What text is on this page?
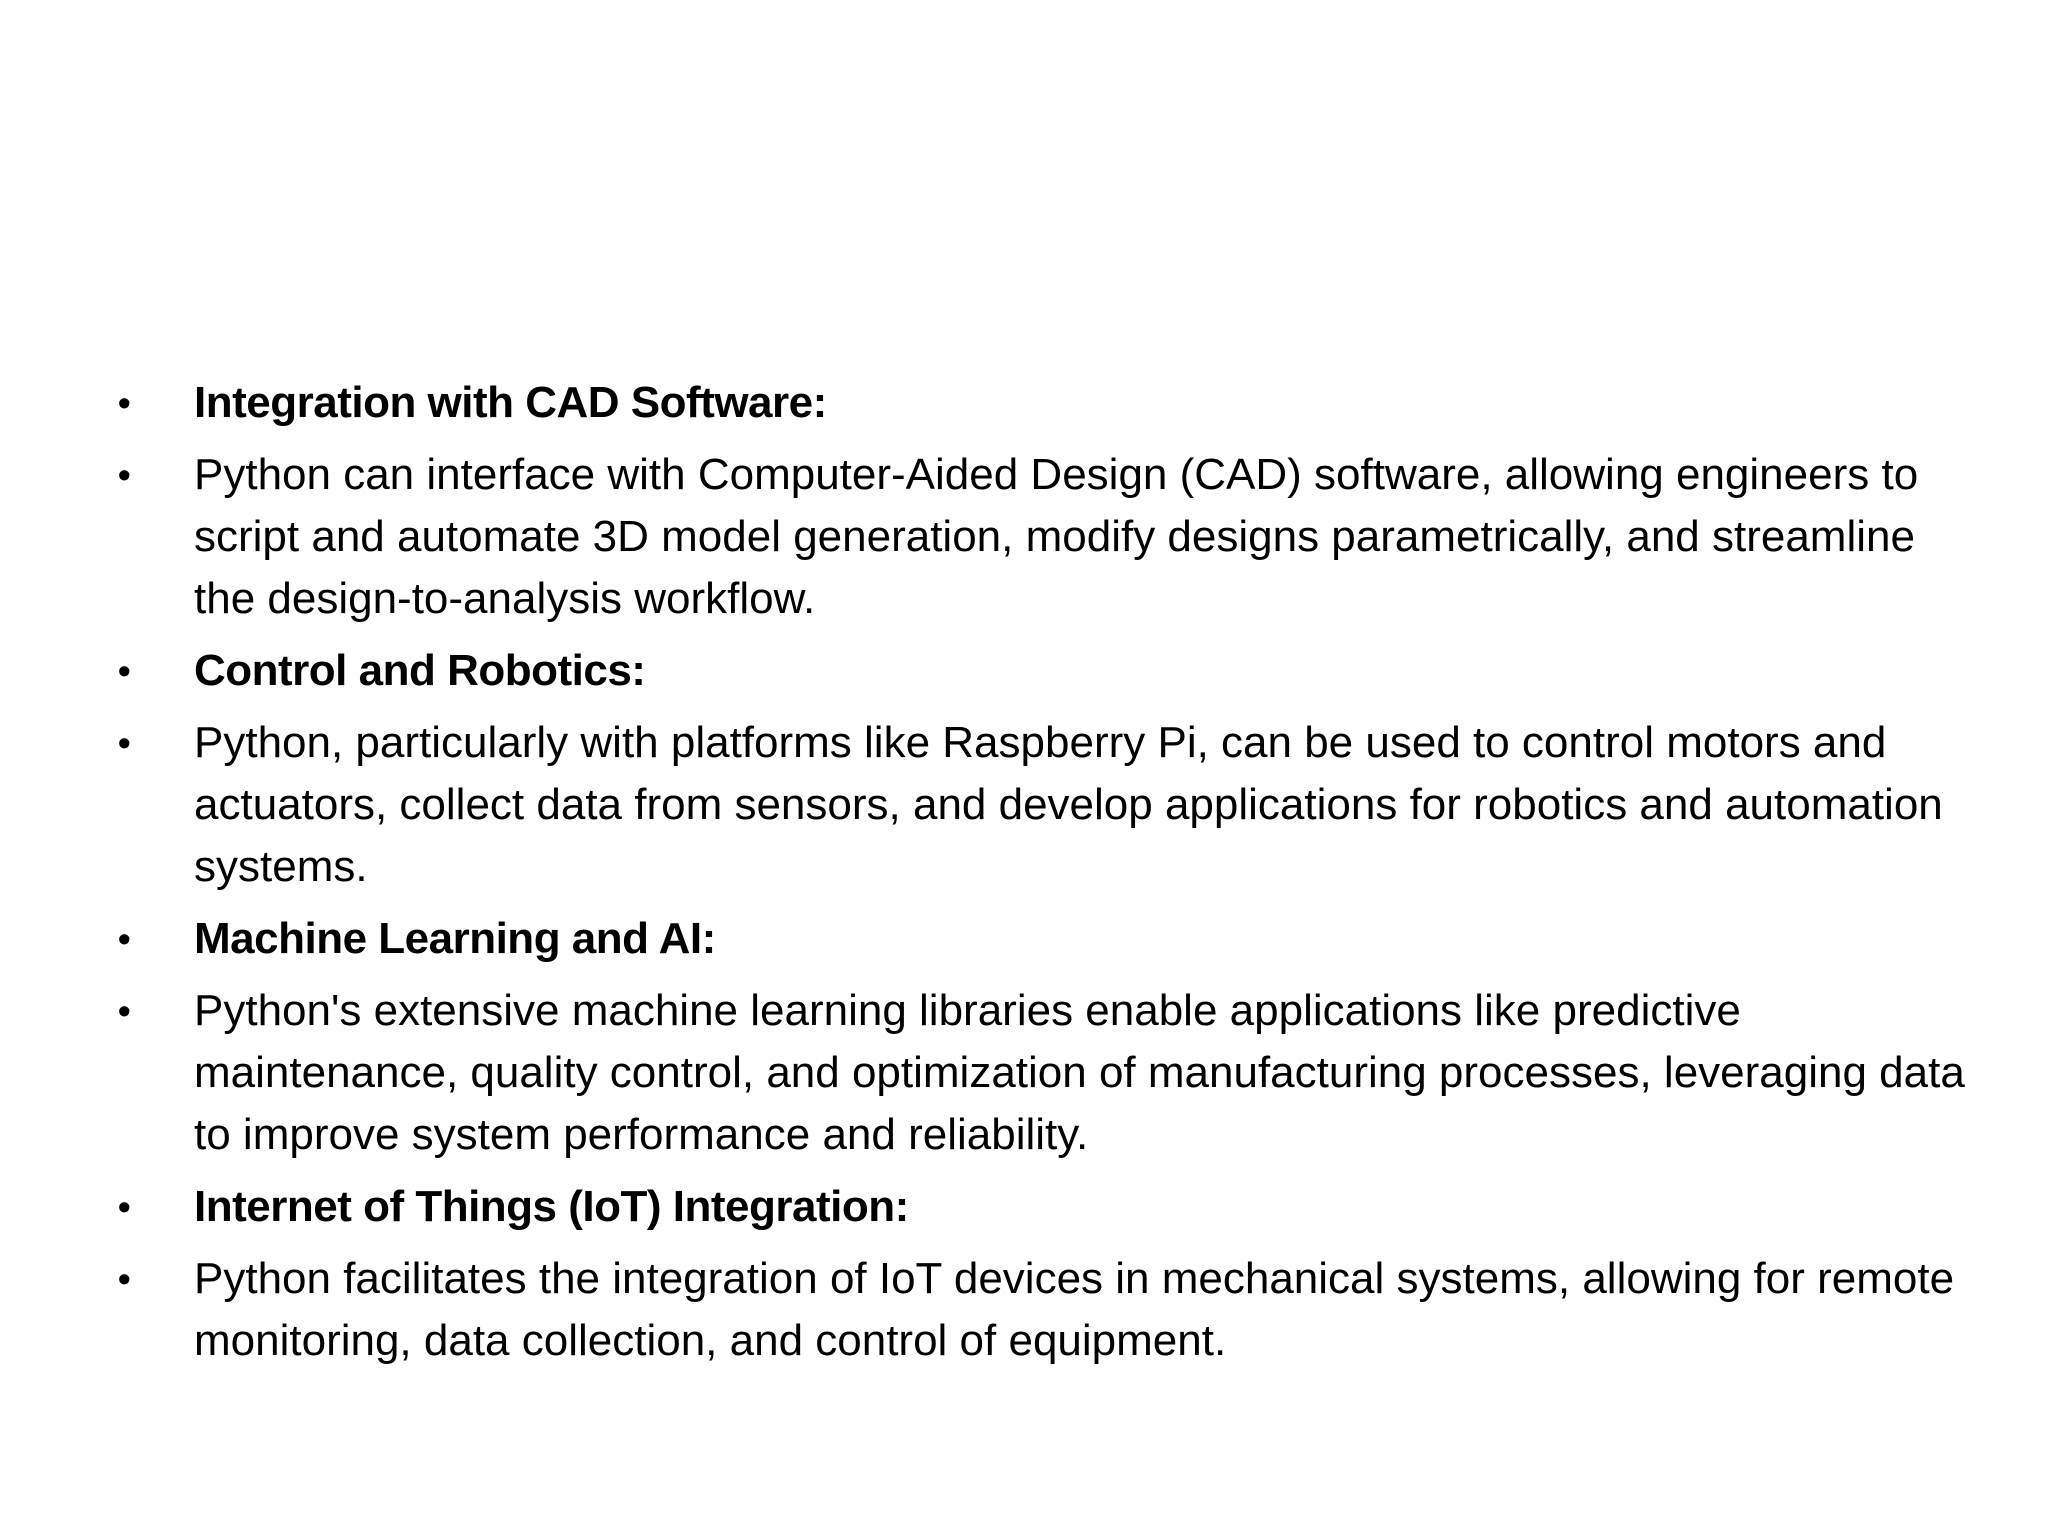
•	Integration with CAD Software:
•	Python can interface with Computer-Aided Design (CAD) software, allowing engineers to script and automate 3D model generation, modify designs parametrically, and streamline the design-to-analysis workflow.
•	Control and Robotics:
•	Python, particularly with platforms like Raspberry Pi, can be used to control motors and actuators, collect data from sensors, and develop applications for robotics and automation systems.
•	Machine Learning and AI:
•	Python's extensive machine learning libraries enable applications like predictive maintenance, quality control, and optimization of manufacturing processes, leveraging data to improve system performance and reliability.
•	Internet of Things (IoT) Integration:
•	Python facilitates the integration of IoT devices in mechanical systems, allowing for remote monitoring, data collection, and control of equipment.
